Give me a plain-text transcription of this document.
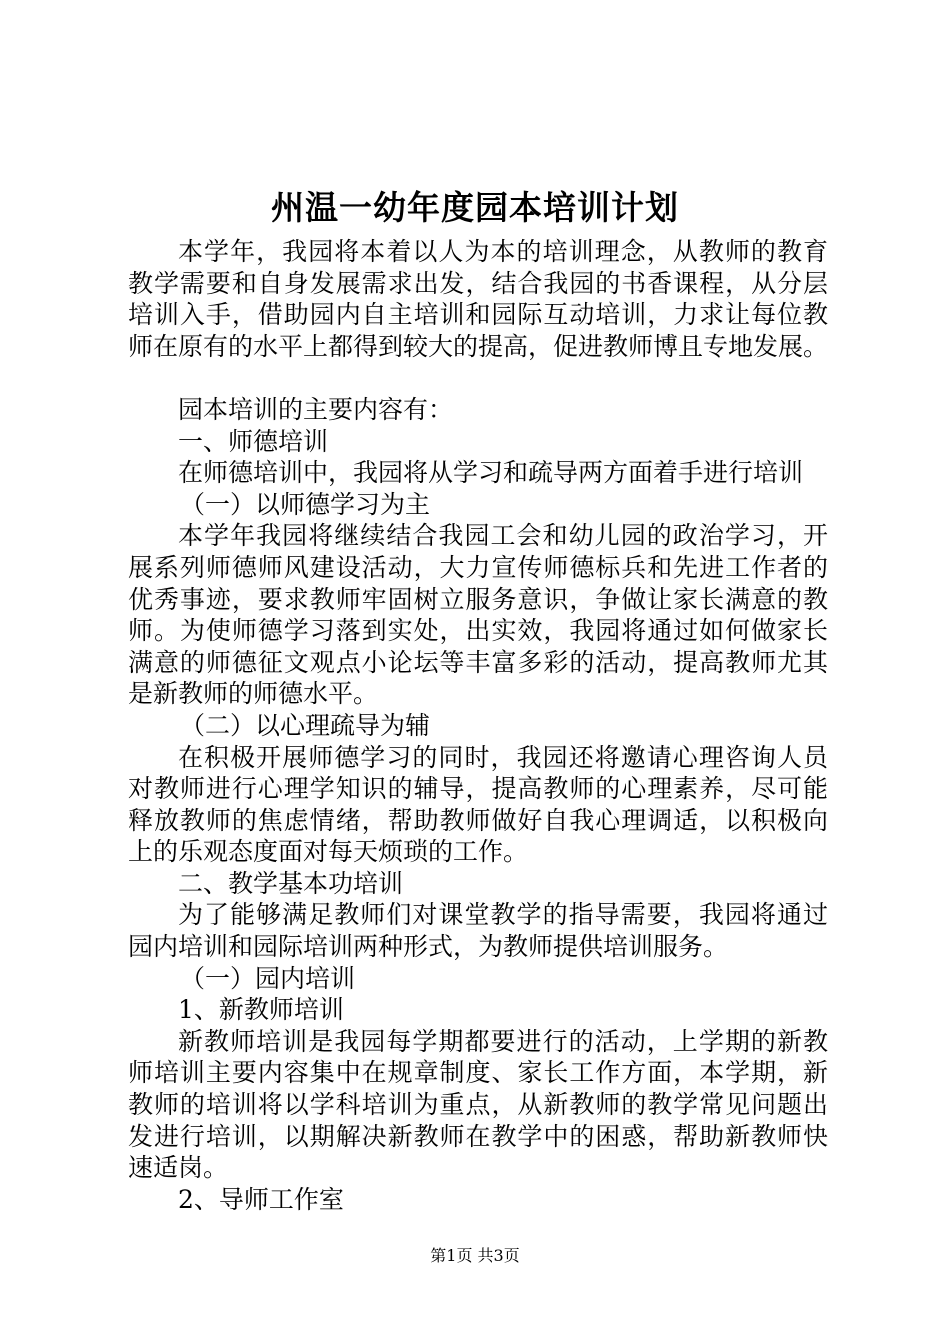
州温一幼年度园本培训计划
本学年，我园将本着以人为本的培训理念，从教师的教育
教学需要和自身发展需求出发，结合我园的书香课程，从分层
培训入手，借助园内自主培训和园际互动培训，力求让每位教
师在原有的水平上都得到较大的提高，促进教师博且专地发展。
园本培训的主要内容有：
一、师德培训
在师德培训中，我园将从学习和疏导两方面着手进行培训
（一）以师德学习为主
本学年我园将继续结合我园工会和幼儿园的政治学习，开
展系列师德师风建设活动，大力宣传师德标兵和先进工作者的
优秀事迹，要求教师牢固树立服务意识，争做让家长满意的教
师。为使师德学习落到实处，出实效，我园将通过如何做家长
满意的师德征文观点小论坛等丰富多彩的活动，提高教师尤其
是新教师的师德水平。
（二）以心理疏导为辅
在积极开展师德学习的同时，我园还将邀请心理咨询人员
对教师进行心理学知识的辅导，提高教师的心理素养，尽可能
释放教师的焦虑情绪，帮助教师做好自我心理调适，以积极向
上的乐观态度面对每天烦琐的工作。
二、教学基本功培训
为了能够满足教师们对课堂教学的指导需要，我园将通过
园内培训和园际培训两种形式，为教师提供培训服务。
（一）园内培训
1、新教师培训
新教师培训是我园每学期都要进行的活动，上学期的新教
师培训主要内容集中在规章制度、家长工作方面，本学期，新
教师的培训将以学科培训为重点，从新教师的教学常见问题出
发进行培训，以期解决新教师在教学中的困惑，帮助新教师快
速适岗。
2、导师工作室
第1页 共3页
